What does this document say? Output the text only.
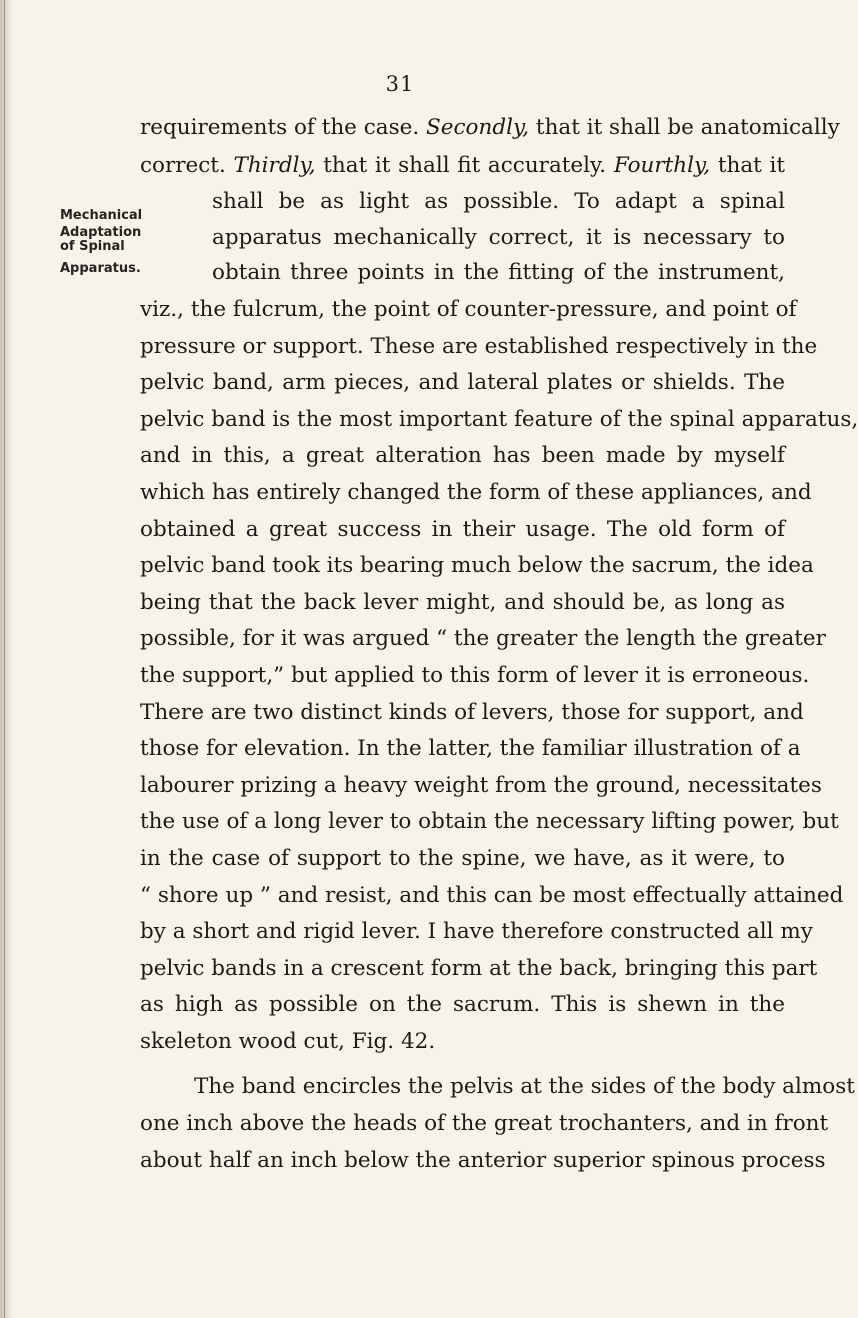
31
Mechanical
Adaptation
of Spinal
Apparatus.
requirements of the case. Secondly, that it shall be anatomically
correct. Thirdly, that it shall fit accurately. Fourthly, that it
shall be as light as possible. To adapt a spinal
apparatus mechanically correct, it is necessary to
obtain three points in the fitting of the instrument,
viz., the fulcrum, the point of counter-pressure, and point of
pressure or support. These are established respectively in the
pelvic band, arm pieces, and lateral plates or shields. The
pelvic band is the most important feature of the spinal apparatus,
and in this, a great alteration has been made by myself
which has entirely changed the form of these appliances, and
obtained a great success in their usage. The old form of
pelvic band took its bearing much below the sacrum, the idea
being that the back lever might, and should be, as long as
possible, for it was argued “ the greater the length the greater
the support,” but applied to this form of lever it is erroneous.
There are two distinct kinds of levers, those for support, and
those for elevation. In the latter, the familiar illustration of a
labourer prizing a heavy weight from the ground, necessitates
the use of a long lever to obtain the necessary lifting power, but
in the case of support to the spine, we have, as it were, to
“ shore up ” and resist, and this can be most effectually attained
by a short and rigid lever. I have therefore constructed all my
pelvic bands in a crescent form at the back, bringing this part
as high as possible on the sacrum. This is shewn in the
skeleton wood cut, Fig. 42.
The band encircles the pelvis at the sides of the body almost
one inch above the heads of the great trochanters, and in front
about half an inch below the anterior superior spinous process
